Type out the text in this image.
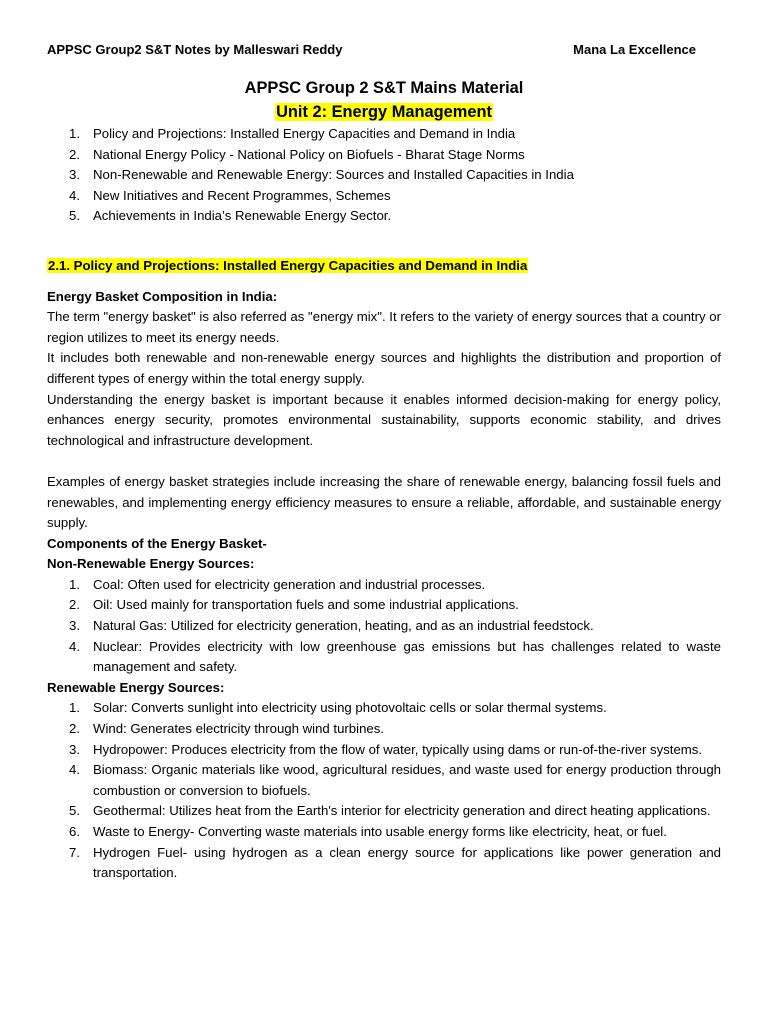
APPSC Group2 S&T Notes by Malleswari Reddy	Mana La Excellence
APPSC Group 2 S&T Mains Material
Unit 2: Energy Management
1. Policy and Projections: Installed Energy Capacities and Demand in India
2. National Energy Policy - National Policy on Biofuels - Bharat Stage Norms
3. Non-Renewable and Renewable Energy: Sources and Installed Capacities in India
4. New Initiatives and Recent Programmes, Schemes
5. Achievements in India’s Renewable Energy Sector.
2.1. Policy and Projections: Installed Energy Capacities and Demand in India
Energy Basket Composition in India:
The term "energy basket" is also referred as "energy mix". It refers to the variety of energy sources that a country or region utilizes to meet its energy needs.
It includes both renewable and non-renewable energy sources and highlights the distribution and proportion of different types of energy within the total energy supply.
Understanding the energy basket is important because it enables informed decision-making for energy policy, enhances energy security, promotes environmental sustainability, supports economic stability, and drives technological and infrastructure development.
Examples of energy basket strategies include increasing the share of renewable energy, balancing fossil fuels and renewables, and implementing energy efficiency measures to ensure a reliable, affordable, and sustainable energy supply.
Components of the Energy Basket-
Non-Renewable Energy Sources:
1. Coal: Often used for electricity generation and industrial processes.
2. Oil: Used mainly for transportation fuels and some industrial applications.
3. Natural Gas: Utilized for electricity generation, heating, and as an industrial feedstock.
4. Nuclear: Provides electricity with low greenhouse gas emissions but has challenges related to waste management and safety.
Renewable Energy Sources:
1. Solar: Converts sunlight into electricity using photovoltaic cells or solar thermal systems.
2. Wind: Generates electricity through wind turbines.
3. Hydropower: Produces electricity from the flow of water, typically using dams or run-of-the-river systems.
4. Biomass: Organic materials like wood, agricultural residues, and waste used for energy production through combustion or conversion to biofuels.
5. Geothermal: Utilizes heat from the Earth's interior for electricity generation and direct heating applications.
6. Waste to Energy- Converting waste materials into usable energy forms like electricity, heat, or fuel.
7. Hydrogen Fuel- using hydrogen as a clean energy source for applications like power generation and transportation.
